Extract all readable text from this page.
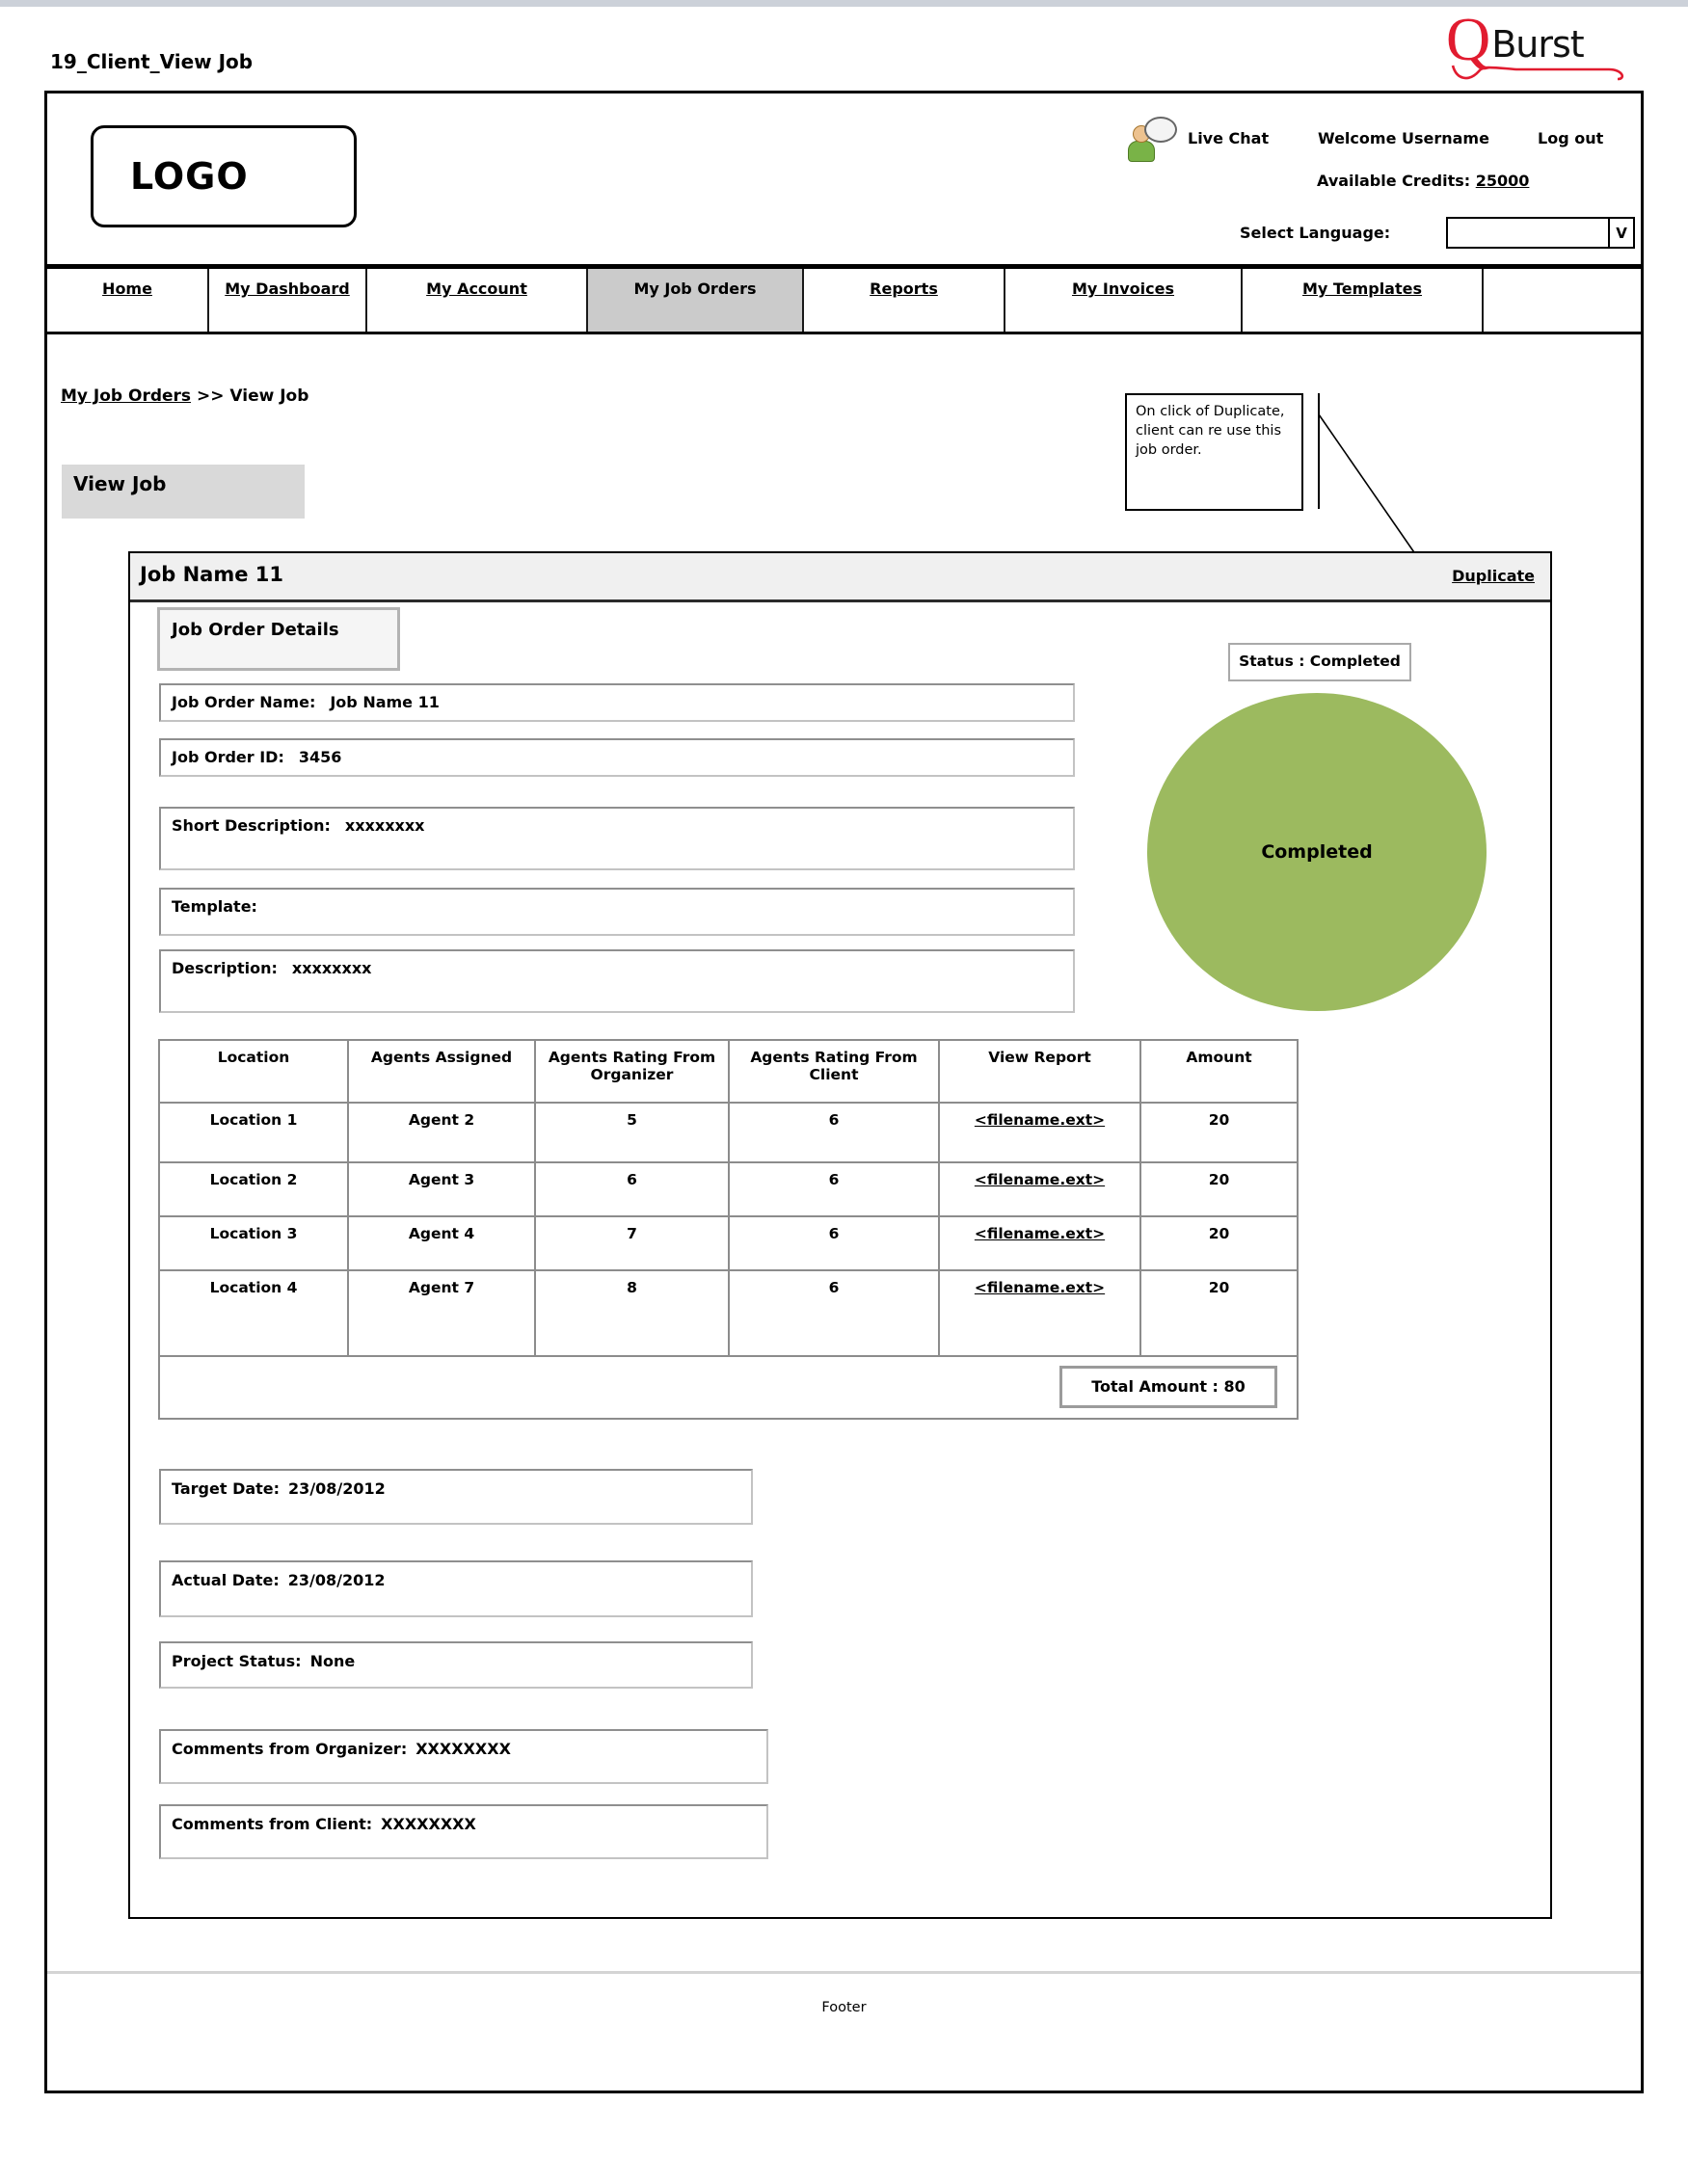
19_Client_View Job	Q Burst
LOGO
Live Chat	Welcome Username	Log out
Available Credits: 25000
Select Language:	V
Home	My Dashboard	My Account	My Job Orders	Reports	My Invoices	My Templates
My Job Orders >> View Job
On click of Duplicate, client can re use this job order.
View Job
Job Name 11	Duplicate
Job Order Details
Status : Completed
Completed
Job Order Name: Job Name 11
Job Order ID: 3456
Short Description: xxxxxxxx
Template:
Description: xxxxxxxx
Location	Agents Assigned	Agents Rating From Organizer	Agents Rating From Client	View Report	Amount
Location 1	Agent 2	5	6	<filename.ext>	20
Location 2	Agent 3	6	6	<filename.ext>	20
Location 3	Agent 4	7	6	<filename.ext>	20
Location 4	Agent 7	8	6	<filename.ext>	20

Total Amount : 80					
Target Date: 23/08/2012
Actual Date: 23/08/2012
Project Status: None
Comments from Organizer: XXXXXXXX
Comments from Client: XXXXXXXX
Footer
